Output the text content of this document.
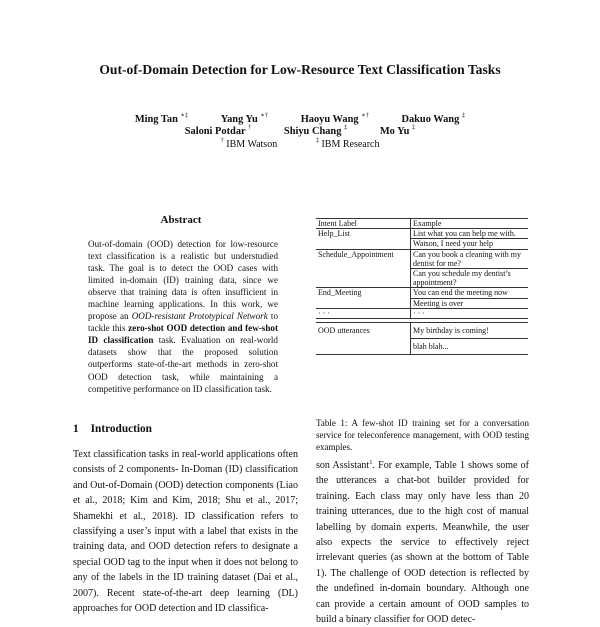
Out-of-Domain Detection for Low-Resource Text Classification Tasks
Ming Tan ∗‡	Yang Yu ∗†	Haoyu Wang ∗†	Dakuo Wang ‡
Saloni Potdar †	Shiyu Chang ‡	Mo Yu ‡
† IBM Watson	‡ IBM Research
Abstract
Out-of-domain (OOD) detection for low-resource text classification is a realistic but understudied task. The goal is to detect the OOD cases with limited in-domain (ID) training data, since we observe that training data is often insufficient in machine learning applications. In this work, we propose an OOD-resistant Prototypical Network to tackle this zero-shot OOD detection and few-shot ID classification task. Evaluation on real-world datasets show that the proposed solution outperforms state-of-the-art methods in zero-shot OOD detection task, while maintaining a competitive performance on ID classification task.
1 Introduction
Text classification tasks in real-world applications often consists of 2 components- In-Doman (ID) classification and Out-of-Domain (OOD) detection components (Liao et al., 2018; Kim and Kim, 2018; Shu et al., 2017; Shamekhi et al., 2018). ID classification refers to classifying a user’s input with a label that exists in the training data, and OOD detection refers to designate a special OOD tag to the input when it does not belong to any of the labels in the ID training dataset (Dai et al., 2007). Recent state-of-the-art deep learning (DL) approaches for OOD detection and ID classifica-
Intent Label	Example
Help_List	List what you can help me with.
	Watson, I need your help
Schedule_Appointment	Can you book a cleaning with my dentist for me?
	Can you schedule my dentist’s appointment?
End_Meeting	You can end the meeting now
	Meeting is over
· · ·	· · ·

OOD utterances	My birthday is coming!
	blah blah...
Table 1: A few-shot ID training set for a conversation service for teleconference management, with OOD testing examples.
son Assistant$^1$. For example, Table 1 shows some of the utterances a chat-bot builder provided for training. Each class may only have less than 20 training utterances, due to the high cost of manual labelling by domain experts. Meanwhile, the user also expects the service to effectively reject irrelevant queries (as shown at the bottom of Table 1). The challenge of OOD detection is reflected by the undefined in-domain boundary. Although one can provide a certain amount of OOD samples to build a binary classifier for OOD detec-
